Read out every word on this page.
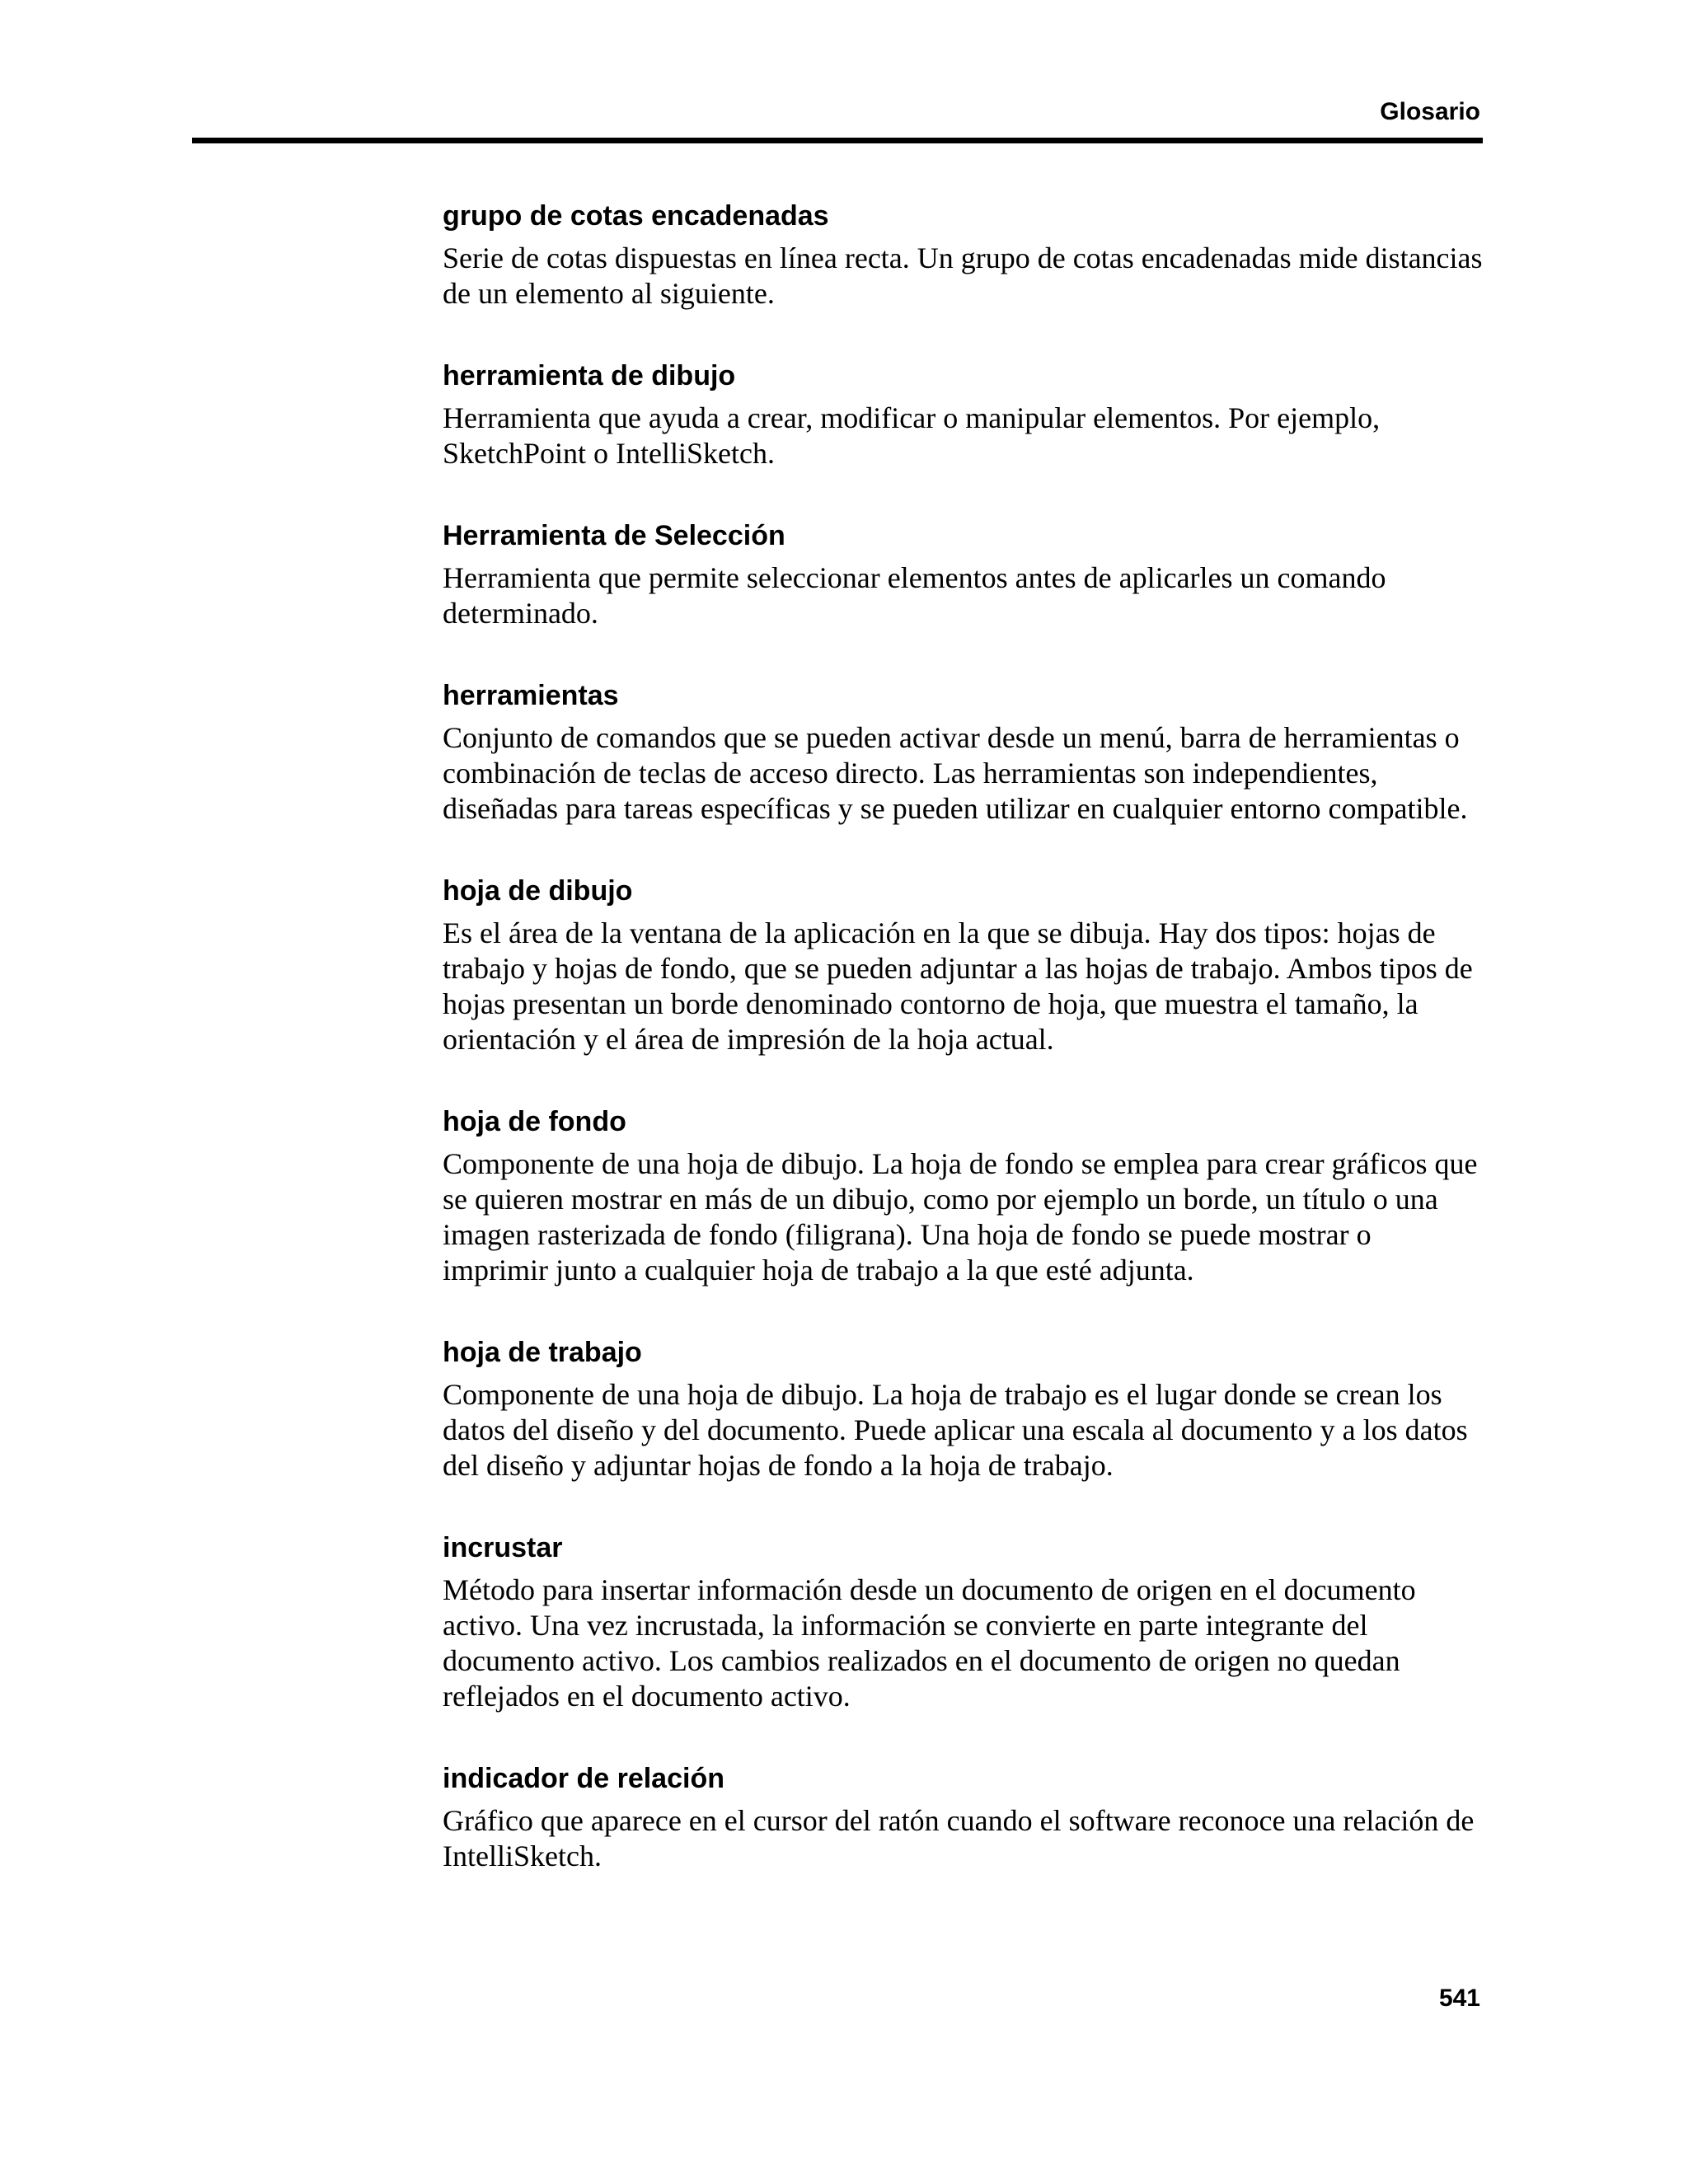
Glosario
grupo de cotas encadenadas

Serie de cotas dispuestas en línea recta. Un grupo de cotas encadenadas mide distancias de un elemento al siguiente.

herramienta de dibujo

Herramienta que ayuda a crear, modificar o manipular elementos. Por ejemplo, SketchPoint o IntelliSketch.

Herramienta de Selección

Herramienta que permite seleccionar elementos antes de aplicarles un comando determinado.

herramientas

Conjunto de comandos que se pueden activar desde un menú, barra de herramientas o combinación de teclas de acceso directo. Las herramientas son independientes, diseñadas para tareas específicas y se pueden utilizar en cualquier entorno compatible.

hoja de dibujo

Es el área de la ventana de la aplicación en la que se dibuja. Hay dos tipos: hojas de trabajo y hojas de fondo, que se pueden adjuntar a las hojas de trabajo. Ambos tipos de hojas presentan un borde denominado contorno de hoja, que muestra el tamaño, la orientación y el área de impresión de la hoja actual.

hoja de fondo

Componente de una hoja de dibujo. La hoja de fondo se emplea para crear gráficos que se quieren mostrar en más de un dibujo, como por ejemplo un borde, un título o una imagen rasterizada de fondo (filigrana). Una hoja de fondo se puede mostrar o imprimir junto a cualquier hoja de trabajo a la que esté adjunta.

hoja de trabajo

Componente de una hoja de dibujo. La hoja de trabajo es el lugar donde se crean los datos del diseño y del documento. Puede aplicar una escala al documento y a los datos del diseño y adjuntar hojas de fondo a la hoja de trabajo.

incrustar

Método para insertar información desde un documento de origen en el documento activo. Una vez incrustada, la información se convierte en parte integrante del documento activo. Los cambios realizados en el documento de origen no quedan reflejados en el documento activo.

indicador de relación

Gráfico que aparece en el cursor del ratón cuando el software reconoce una relación de IntelliSketch.

541
